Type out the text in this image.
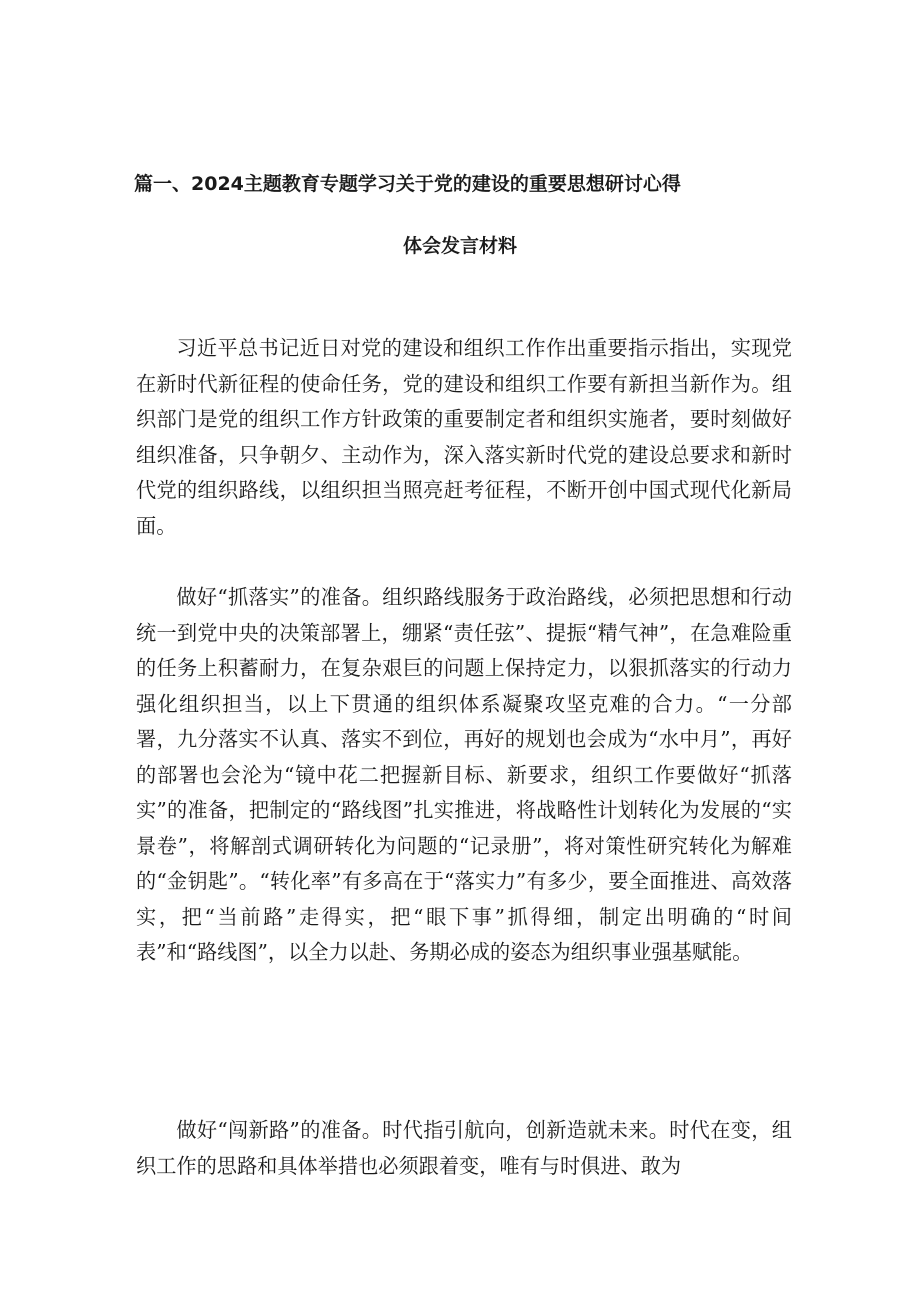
篇一、2024主题教育专题学习关于党的建设的重要思想研讨心得
体会发言材料

习近平总书记近日对党的建设和组织工作作出重要指示指出，实现党在新时代新征程的使命任务，党的建设和组织工作要有新担当新作为。组织部门是党的组织工作方针政策的重要制定者和组织实施者，要时刻做好组织准备，只争朝夕、主动作为，深入落实新时代党的建设总要求和新时代党的组织路线，以组织担当照亮赶考征程，不断开创中国式现代化新局面。

做好“抓落实”的准备。组织路线服务于政治路线，必须把思想和行动统一到党中央的决策部署上，绷紧“责任弦”、提振“精气神”，在急难险重的任务上积蓄耐力，在复杂艰巨的问题上保持定力，以狠抓落实的行动力强化组织担当，以上下贯通的组织体系凝聚攻坚克难的合力。“一分部署，九分落实不认真、落实不到位，再好的规划也会成为“水中月”，再好的部署也会沦为“镜中花二把握新目标、新要求，组织工作要做好“抓落实”的准备，把制定的“路线图”扎实推进，将战略性计划转化为发展的“实景卷”，将解剖式调研转化为问题的“记录册”，将对策性研究转化为解难的“金钥匙”。“转化率”有多高在于“落实力”有多少，要全面推进、高效落实，把“当前路”走得实，把“眼下事”抓得细，制定出明确的“时间表”和“路线图”，以全力以赴、务期必成的姿态为组织事业强基赋能。

做好“闯新路”的准备。时代指引航向，创新造就未来。时代在变，组织工作的思路和具体举措也必须跟着变，唯有与时俱进、敢为
